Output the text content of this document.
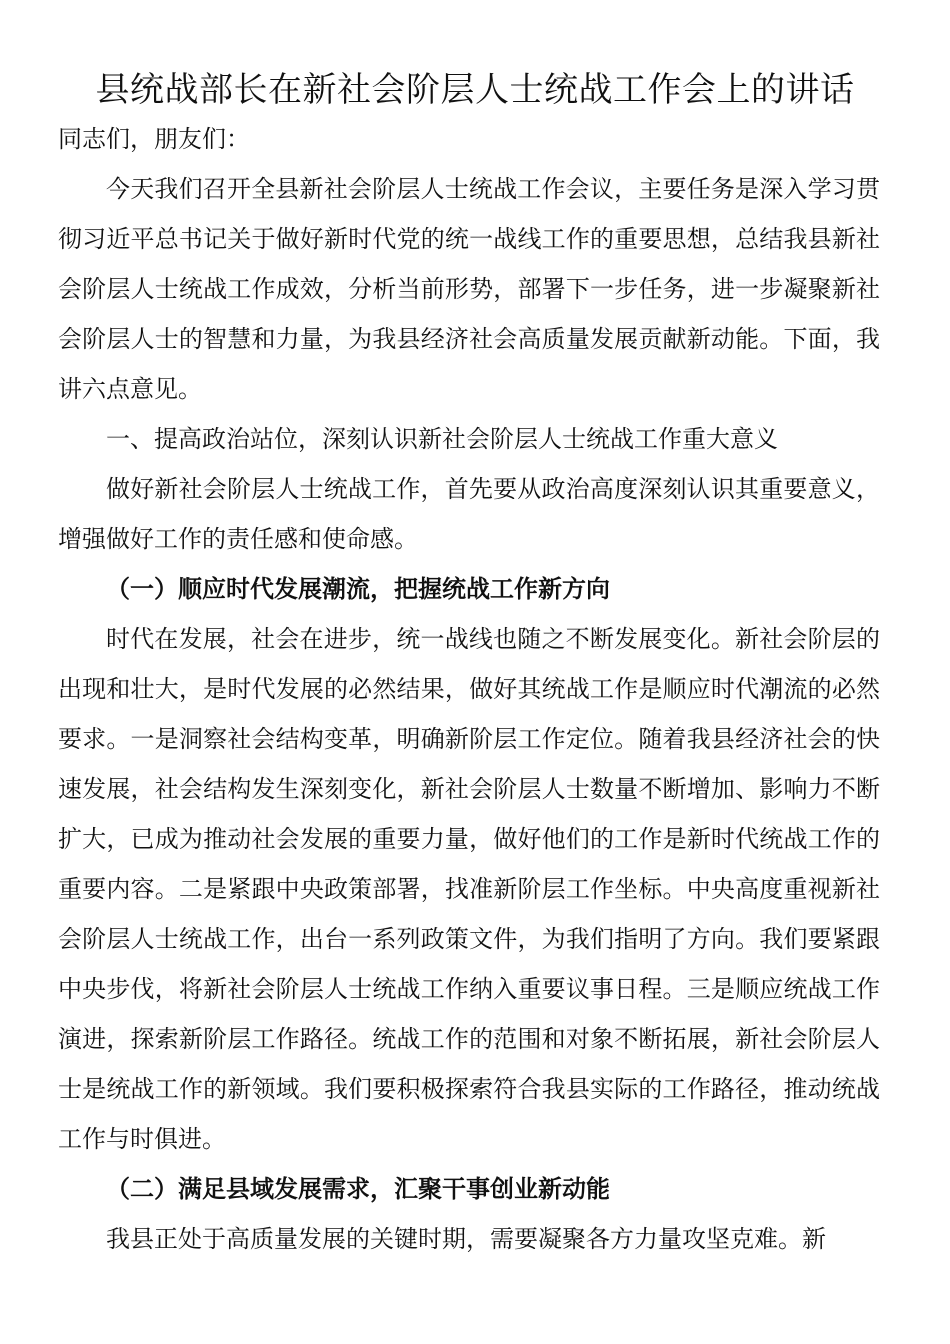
县统战部长在新社会阶层人士统战工作会上的讲话

同志们，朋友们：

今天我们召开全县新社会阶层人士统战工作会议，主要任务是深入学习贯彻习近平总书记关于做好新时代党的统一战线工作的重要思想，总结我县新社会阶层人士统战工作成效，分析当前形势，部署下一步任务，进一步凝聚新社会阶层人士的智慧和力量，为我县经济社会高质量发展贡献新动能。下面，我讲六点意见。

一、提高政治站位，深刻认识新社会阶层人士统战工作重大意义

做好新社会阶层人士统战工作，首先要从政治高度深刻认识其重要意义，增强做好工作的责任感和使命感。

（一）顺应时代发展潮流，把握统战工作新方向

时代在发展，社会在进步，统一战线也随之不断发展变化。新社会阶层的出现和壮大，是时代发展的必然结果，做好其统战工作是顺应时代潮流的必然要求。一是洞察社会结构变革，明确新阶层工作定位。随着我县经济社会的快速发展，社会结构发生深刻变化，新社会阶层人士数量不断增加、影响力不断扩大，已成为推动社会发展的重要力量，做好他们的工作是新时代统战工作的重要内容。二是紧跟中央政策部署，找准新阶层工作坐标。中央高度重视新社会阶层人士统战工作，出台一系列政策文件，为我们指明了方向。我们要紧跟中央步伐，将新社会阶层人士统战工作纳入重要议事日程。三是顺应统战工作演进，探索新阶层工作路径。统战工作的范围和对象不断拓展，新社会阶层人士是统战工作的新领域。我们要积极探索符合我县实际的工作路径，推动统战工作与时俱进。

（二）满足县域发展需求，汇聚干事创业新动能

我县正处于高质量发展的关键时期，需要凝聚各方力量攻坚克难。新
